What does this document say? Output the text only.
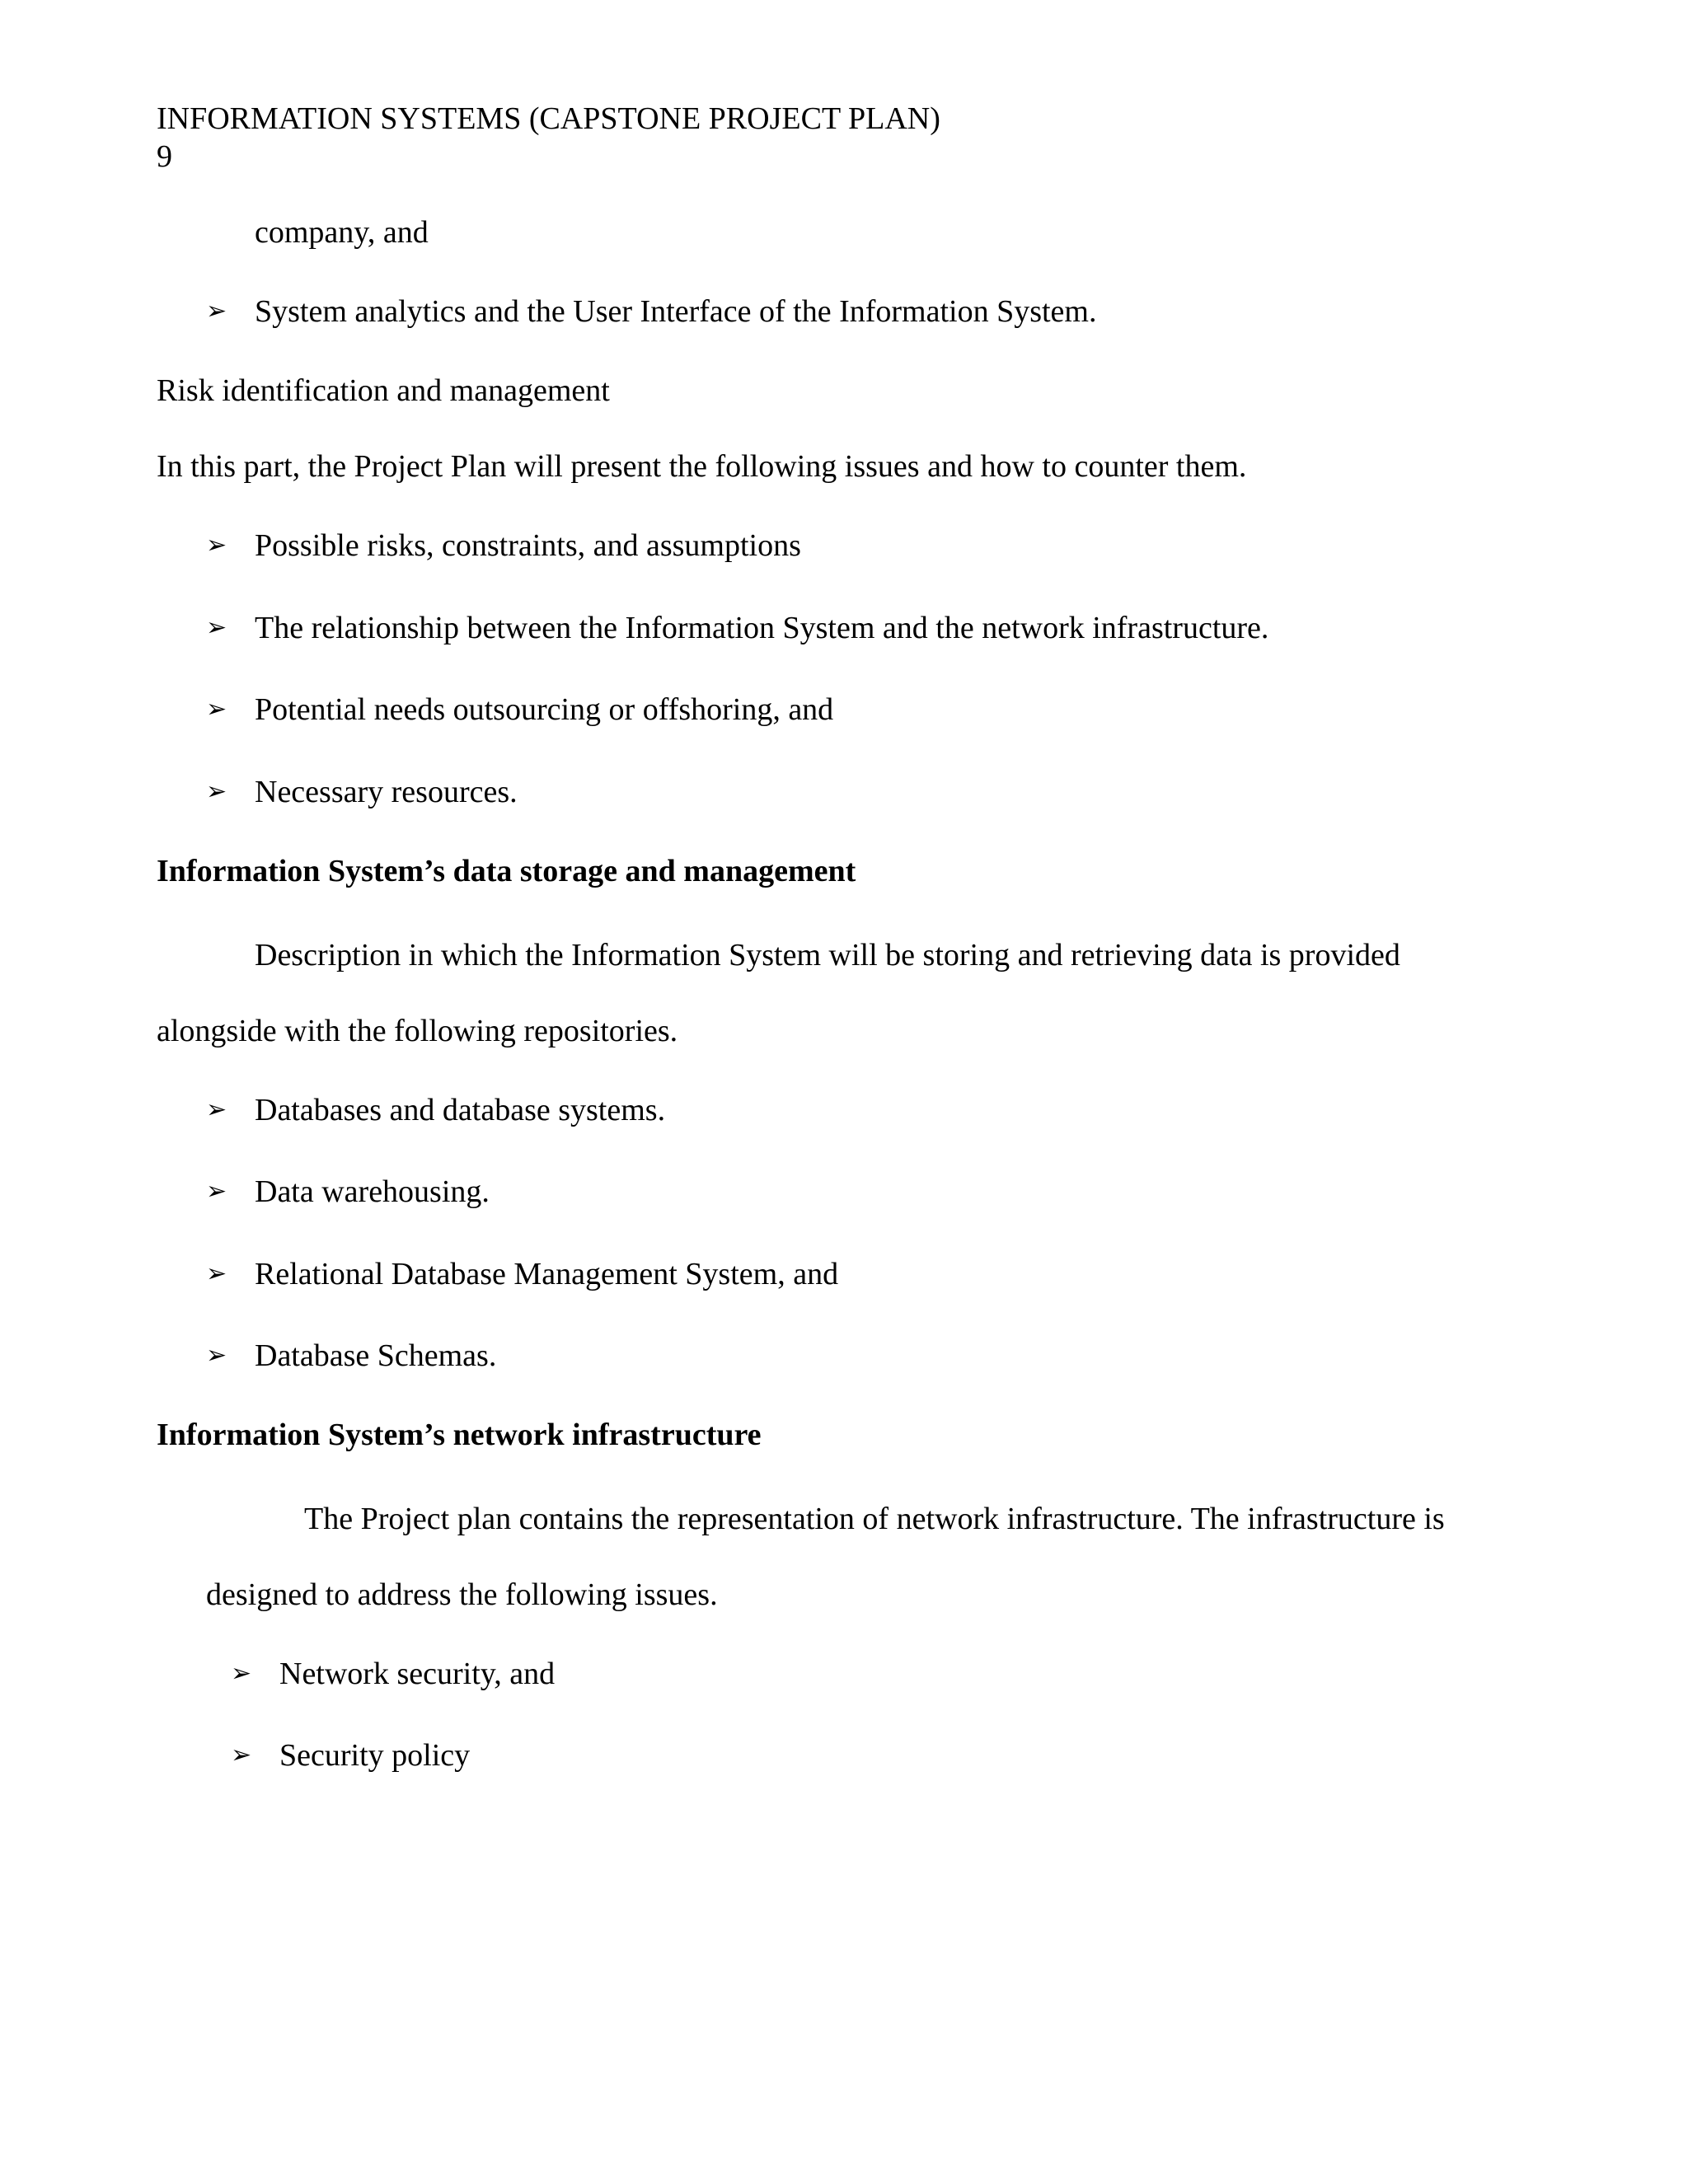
INFORMATION SYSTEMS (CAPSTONE PROJECT PLAN)
9
company, and
➢ System analytics and the User Interface of the Information System.
Risk identification and management
In this part, the Project Plan will present the following issues and how to counter them.
➢ Possible risks, constraints, and assumptions
➢ The relationship between the Information System and the network infrastructure.
➢ Potential needs outsourcing or offshoring, and
➢ Necessary resources.
Information System’s data storage and management
Description in which the Information System will be storing and retrieving data is provided
alongside with the following repositories.
➢ Databases and database systems.
➢ Data warehousing.
➢ Relational Database Management System, and
➢ Database Schemas.
Information System’s network infrastructure
The Project plan contains the representation of network infrastructure. The infrastructure is
designed to address the following issues.
➢ Network security, and
➢ Security policy
